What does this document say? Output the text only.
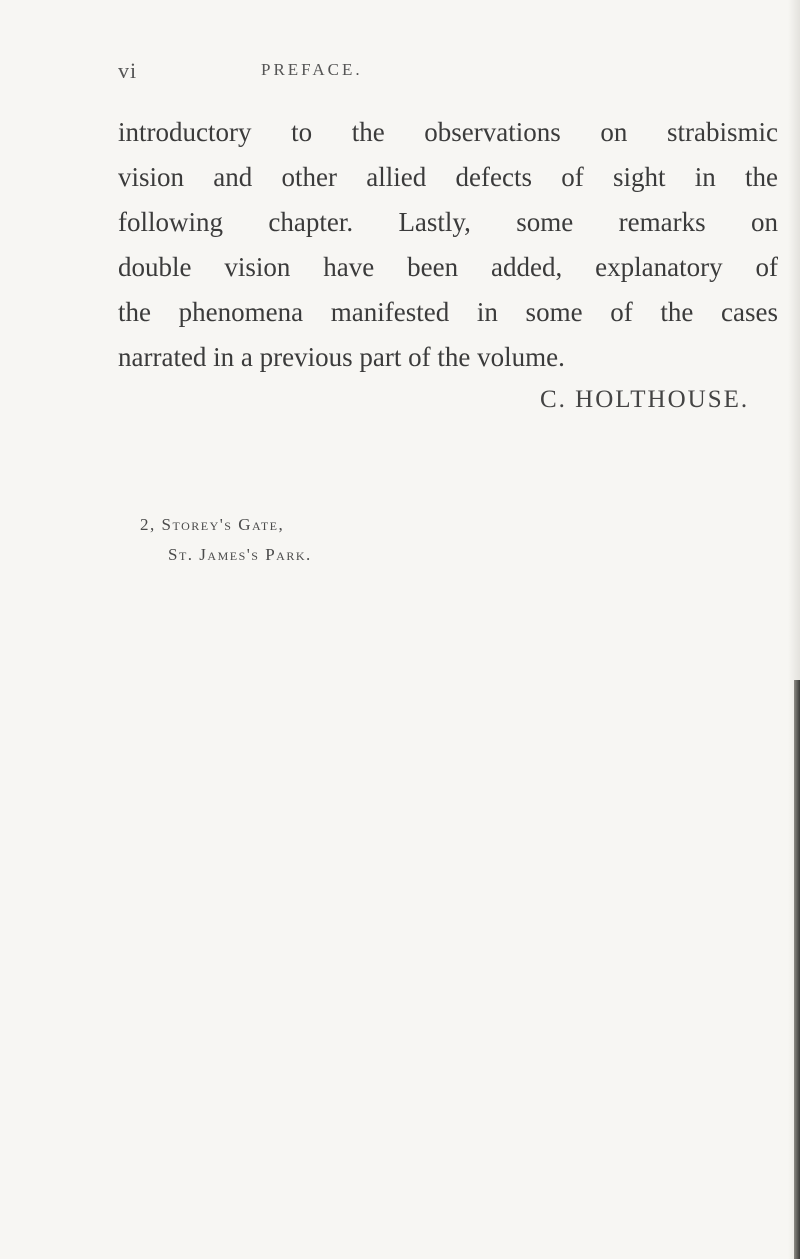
vi	PREFACE.
introductory to the observations on strabismic
vision and other allied defects of sight in the
following chapter. Lastly, some remarks on
double vision have been added, explanatory of
the phenomena manifested in some of the cases
narrated in a previous part of the volume.
C. HOLTHOUSE.
2, Storey's Gate,
St. James's Park.
